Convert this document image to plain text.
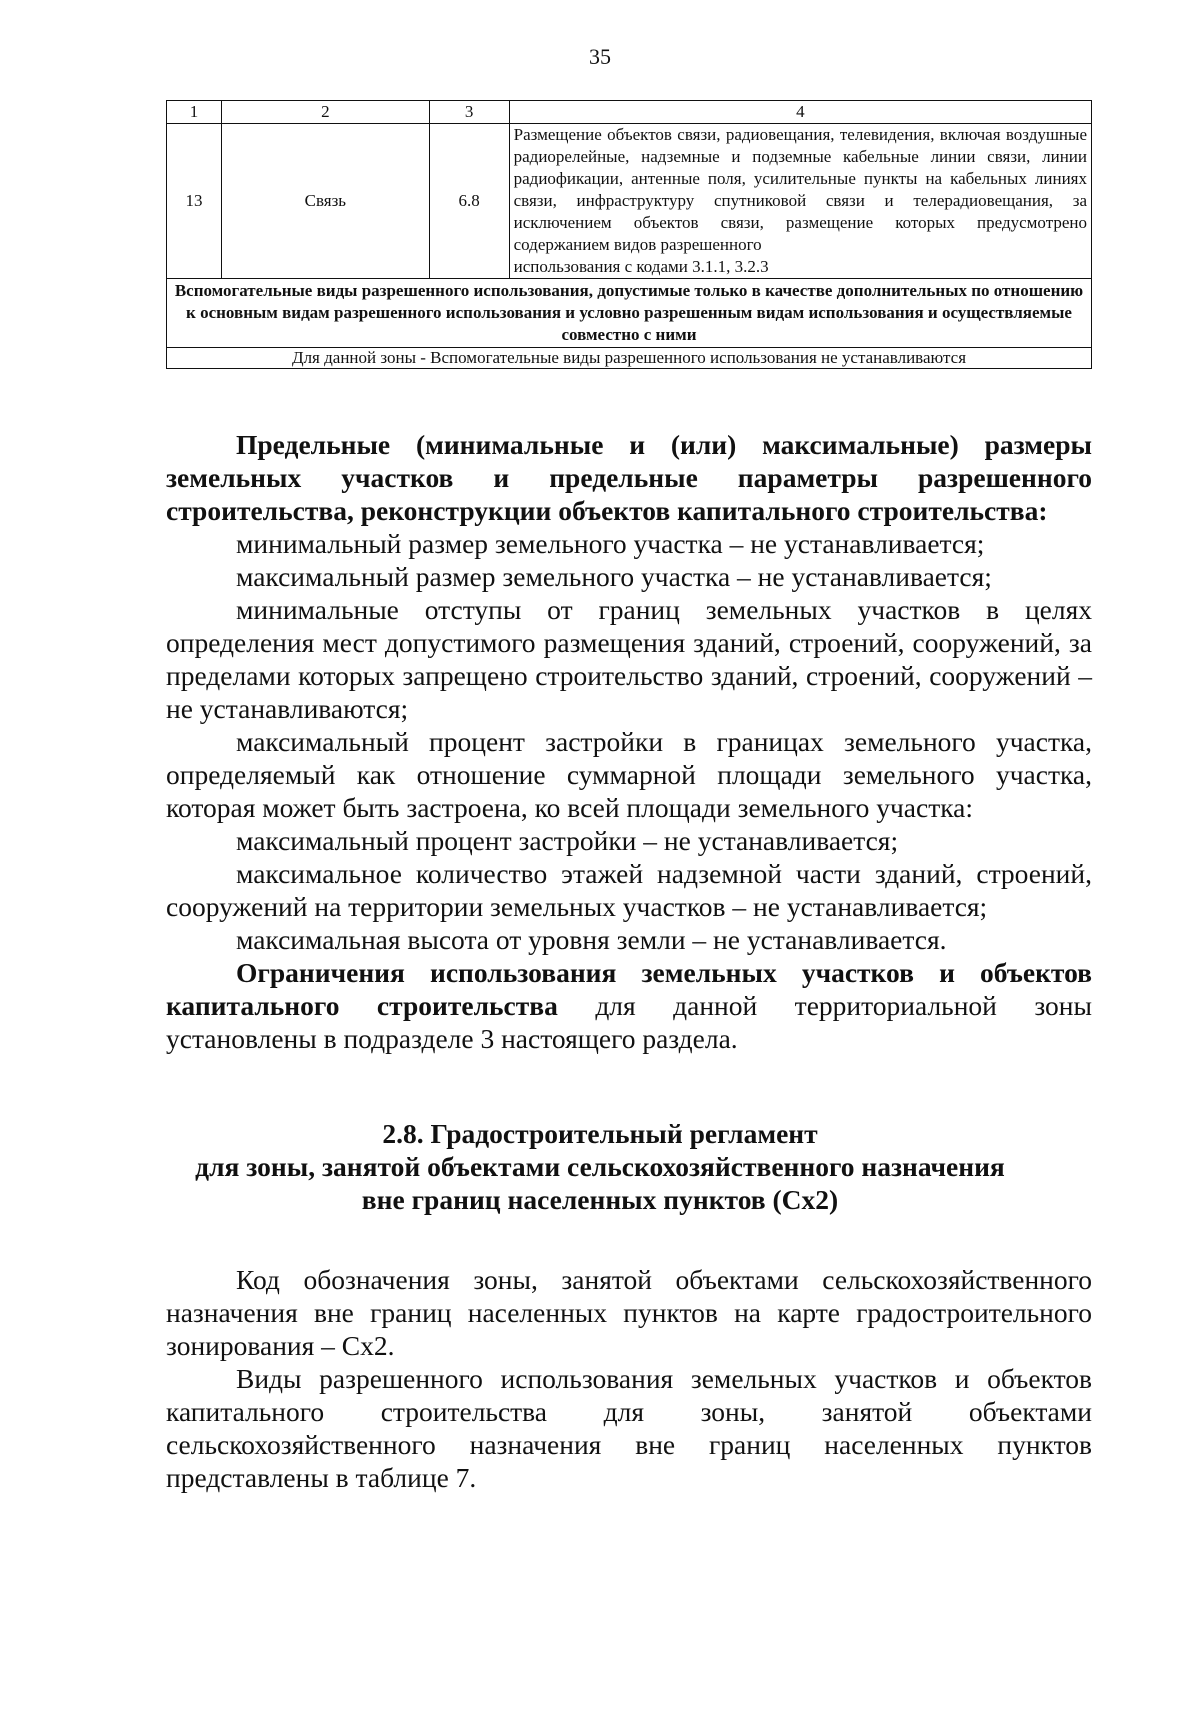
35
1	2	3	4
13	Связь	6.8	Размещение объектов связи, радиовещания, телевидения, включая воздушные радиорелейные, надземные и подземные кабельные линии связи, линии радиофикации, антенные поля, усилительные пункты на кабельных линиях связи, инфраструктуру спутниковой связи и телерадиовещания, за исключением объектов связи, размещение которых предусмотрено содержанием видов разрешенного
использования с кодами 3.1.1, 3.2.3

Вспомогательные виды разрешенного использования, допустимые только в качестве дополнительных по отношению к основным видам разрешенного использования и условно разрешенным видам использования и осуществляемые совместно с ними			
Для данной зоны - Вспомогательные виды разрешенного использования не устанавливаются			

Предельные (минимальные и (или) максимальные) размеры земельных участков и предельные параметры разрешенного строительства, реконструкции объектов капитального строительства:

минимальный размер земельного участка – не устанавливается;

максимальный размер земельного участка – не устанавливается;

минимальные отступы от границ земельных участков в целях определения мест допустимого размещения зданий, строений, сооружений, за пределами которых запрещено строительство зданий, строений, сооружений – не устанавливаются;

максимальный процент застройки в границах земельного участка, определяемый как отношение суммарной площади земельного участка, которая может быть застроена, ко всей площади земельного участка:

максимальный процент застройки – не устанавливается;

максимальное количество этажей надземной части зданий, строений, сооружений на территории земельных участков – не устанавливается;

максимальная высота от уровня земли – не устанавливается.

Ограничения использования земельных участков и объектов капитального строительства для данной территориальной зоны установлены в подразделе 3 настоящего раздела.

2.8. Градостроительный регламент
для зоны, занятой объектами сельскохозяйственного назначения
вне границ населенных пунктов (Сх2)

Код обозначения зоны, занятой объектами сельскохозяйственного назначения вне границ населенных пунктов на карте градостроительного зонирования – Сх2.

Виды разрешенного использования земельных участков и объектов капитального строительства для зоны, занятой объектами сельскохозяйственного назначения вне границ населенных пунктов представлены в таблице 7.
